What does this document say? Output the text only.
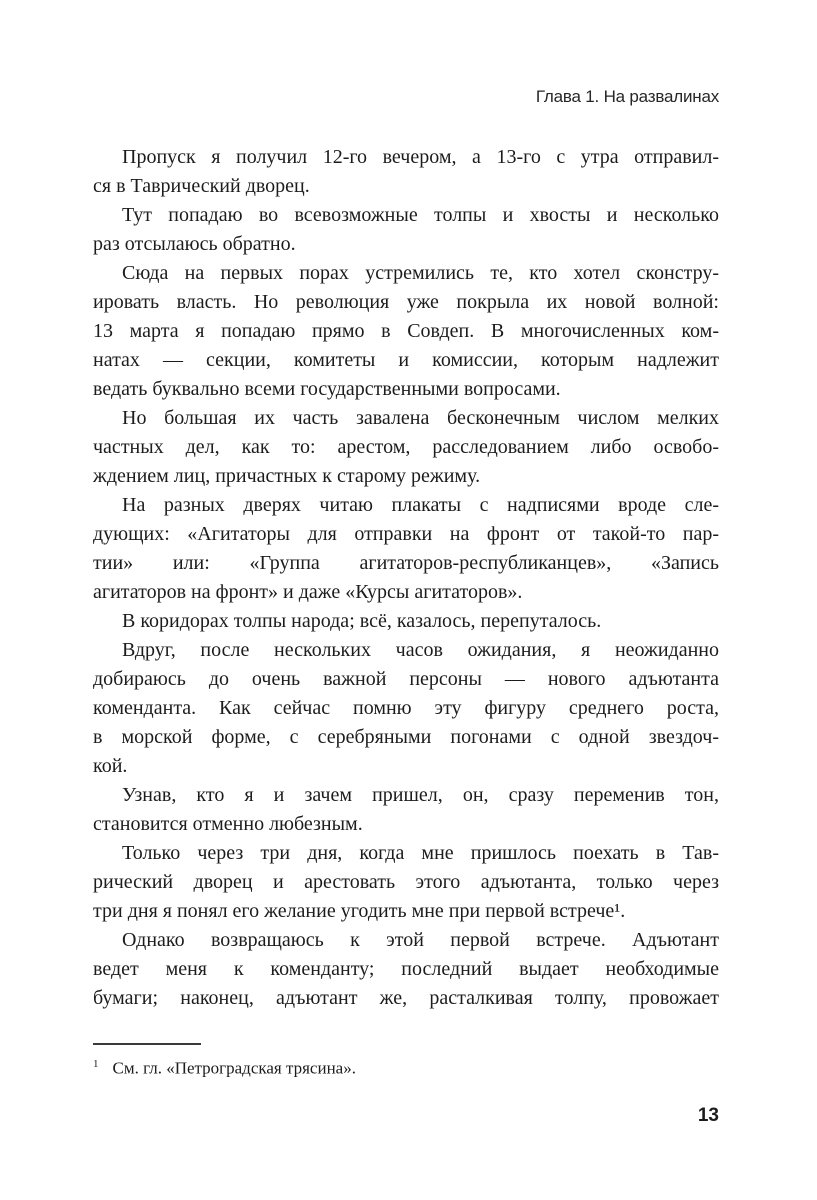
Глава 1. На развалинах
Пропуск я получил 12-го вечером, а 13-го с утра отправил-
ся в Таврический дворец.
Тут попадаю во всевозможные толпы и хвосты и несколько
раз отсылаюсь обратно.
Сюда на первых порах устремились те, кто хотел сконстру-
ировать власть. Но революция уже покрыла их новой волной:
13 марта я попадаю прямо в Совдеп. В многочисленных ком-
натах — секции, комитеты и комиссии, которым надлежит
ведать буквально всеми государственными вопросами.
Но большая их часть завалена бесконечным числом мелких
частных дел, как то: арестом, расследованием либо освобо-
ждением лиц, причастных к старому режиму.
На разных дверях читаю плакаты с надписями вроде сле-
дующих: «Агитаторы для отправки на фронт от такой-то пар-
тии» или: «Группа агитаторов-республиканцев», «Запись
агитаторов на фронт» и даже «Курсы агитаторов».
В коридорах толпы народа; всё, казалось, перепуталось.
Вдруг, после нескольких часов ожидания, я неожиданно
добираюсь до очень важной персоны — нового адъютанта
коменданта. Как сейчас помню эту фигуру среднего роста,
в морской форме, с серебряными погонами с одной звездоч-
кой.
Узнав, кто я и зачем пришел, он, сразу переменив тон,
становится отменно любезным.
Только через три дня, когда мне пришлось поехать в Тав-
рический дворец и арестовать этого адъютанта, только через
три дня я понял его желание угодить мне при первой встрече¹.
Однако возвращаюсь к этой первой встрече. Адъютант
ведет меня к коменданту; последний выдает необходимые
бумаги; наконец, адъютант же, расталкивая толпу, провожает
$^1$ См. гл. «Петроградская трясина».
13
